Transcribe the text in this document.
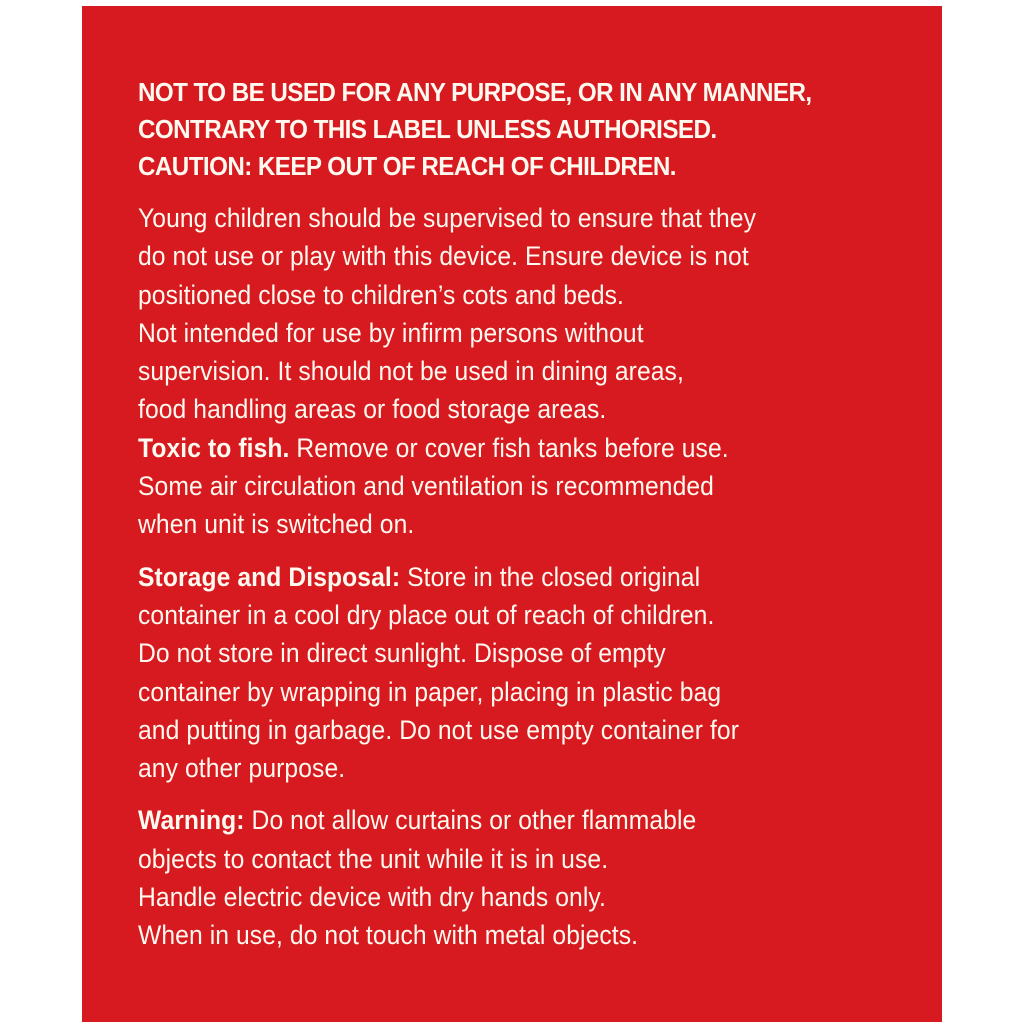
NOT TO BE USED FOR ANY PURPOSE, OR IN ANY MANNER,
CONTRARY TO THIS LABEL UNLESS AUTHORISED.
CAUTION: KEEP OUT OF REACH OF CHILDREN.
Young children should be supervised to ensure that they
do not use or play with this device. Ensure device is not
positioned close to children’s cots and beds.
Not intended for use by infirm persons without
supervision. It should not be used in dining areas,
food handling areas or food storage areas.
Toxic to fish. Remove or cover fish tanks before use.
Some air circulation and ventilation is recommended
when unit is switched on.
Storage and Disposal: Store in the closed original
container in a cool dry place out of reach of children.
Do not store in direct sunlight. Dispose of empty
container by wrapping in paper, placing in plastic bag
and putting in garbage. Do not use empty container for
any other purpose.
Warning: Do not allow curtains or other flammable
objects to contact the unit while it is in use.
Handle electric device with dry hands only.
When in use, do not touch with metal objects.
